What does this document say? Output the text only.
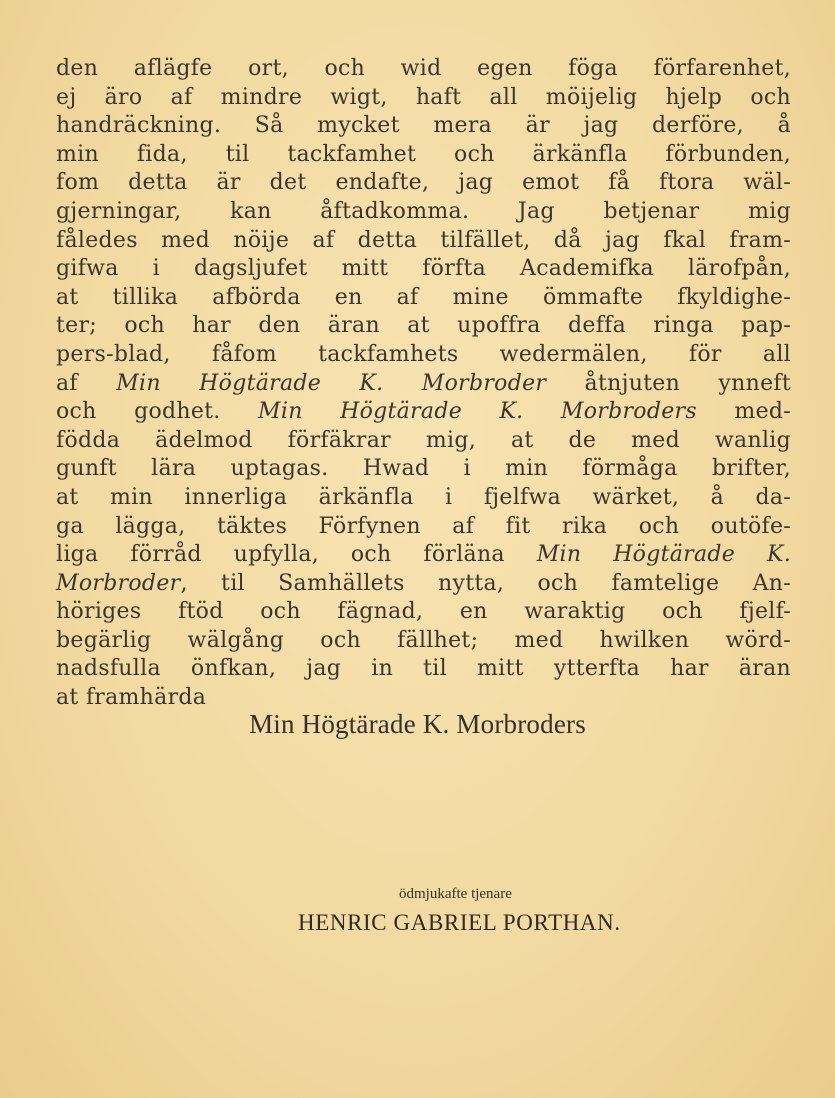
den aflägfe ort, och wid egen föga förfarenhet,
ej äro af mindre wigt, haft all möijelig hjelp och
handräckning. Så mycket mera är jag derföre, å
min fida, til tackfamhet och ärkänfla förbunden,
fom detta är det endafte, jag emot få ftora wäl-
gjerningar, kan åftadkomma. Jag betjenar mig
fåledes med nöije af detta tilfället, då jag fkal fram-
gifwa i dagsljufet mitt förfta Academifka lärofpån,
at tillika afbörda en af mine ömmafte fkyldighe-
ter; och har den äran at upoffra deffa ringa pap-
pers-blad, fåfom tackfamhets wedermälen, för all
af Min Högtärade K. Morbroder åtnjuten ynneft
och godhet. Min Högtärade K. Morbroders med-
födda ädelmod förfäkrar mig, at de med wanlig
gunft lära uptagas. Hwad i min förmåga brifter,
at min innerliga ärkänfla i fjelfwa wärket, å da-
ga lägga, täktes Förfynen af fit rika och outöfe-
liga förråd upfylla, och förläna Min Högtärade K.
Morbroder, til Samhällets nytta, och famtelige An-
höriges ftöd och fägnad, en waraktig och fjelf-
begärlig wälgång och fällhet; med hwilken wörd-
nadsfulla önfkan, jag in til mitt ytterfta har äran
at framhärda
Min Högtärade K. Morbroders
ödmjukafte tjenare
HENRIC GABRIEL PORTHAN.
